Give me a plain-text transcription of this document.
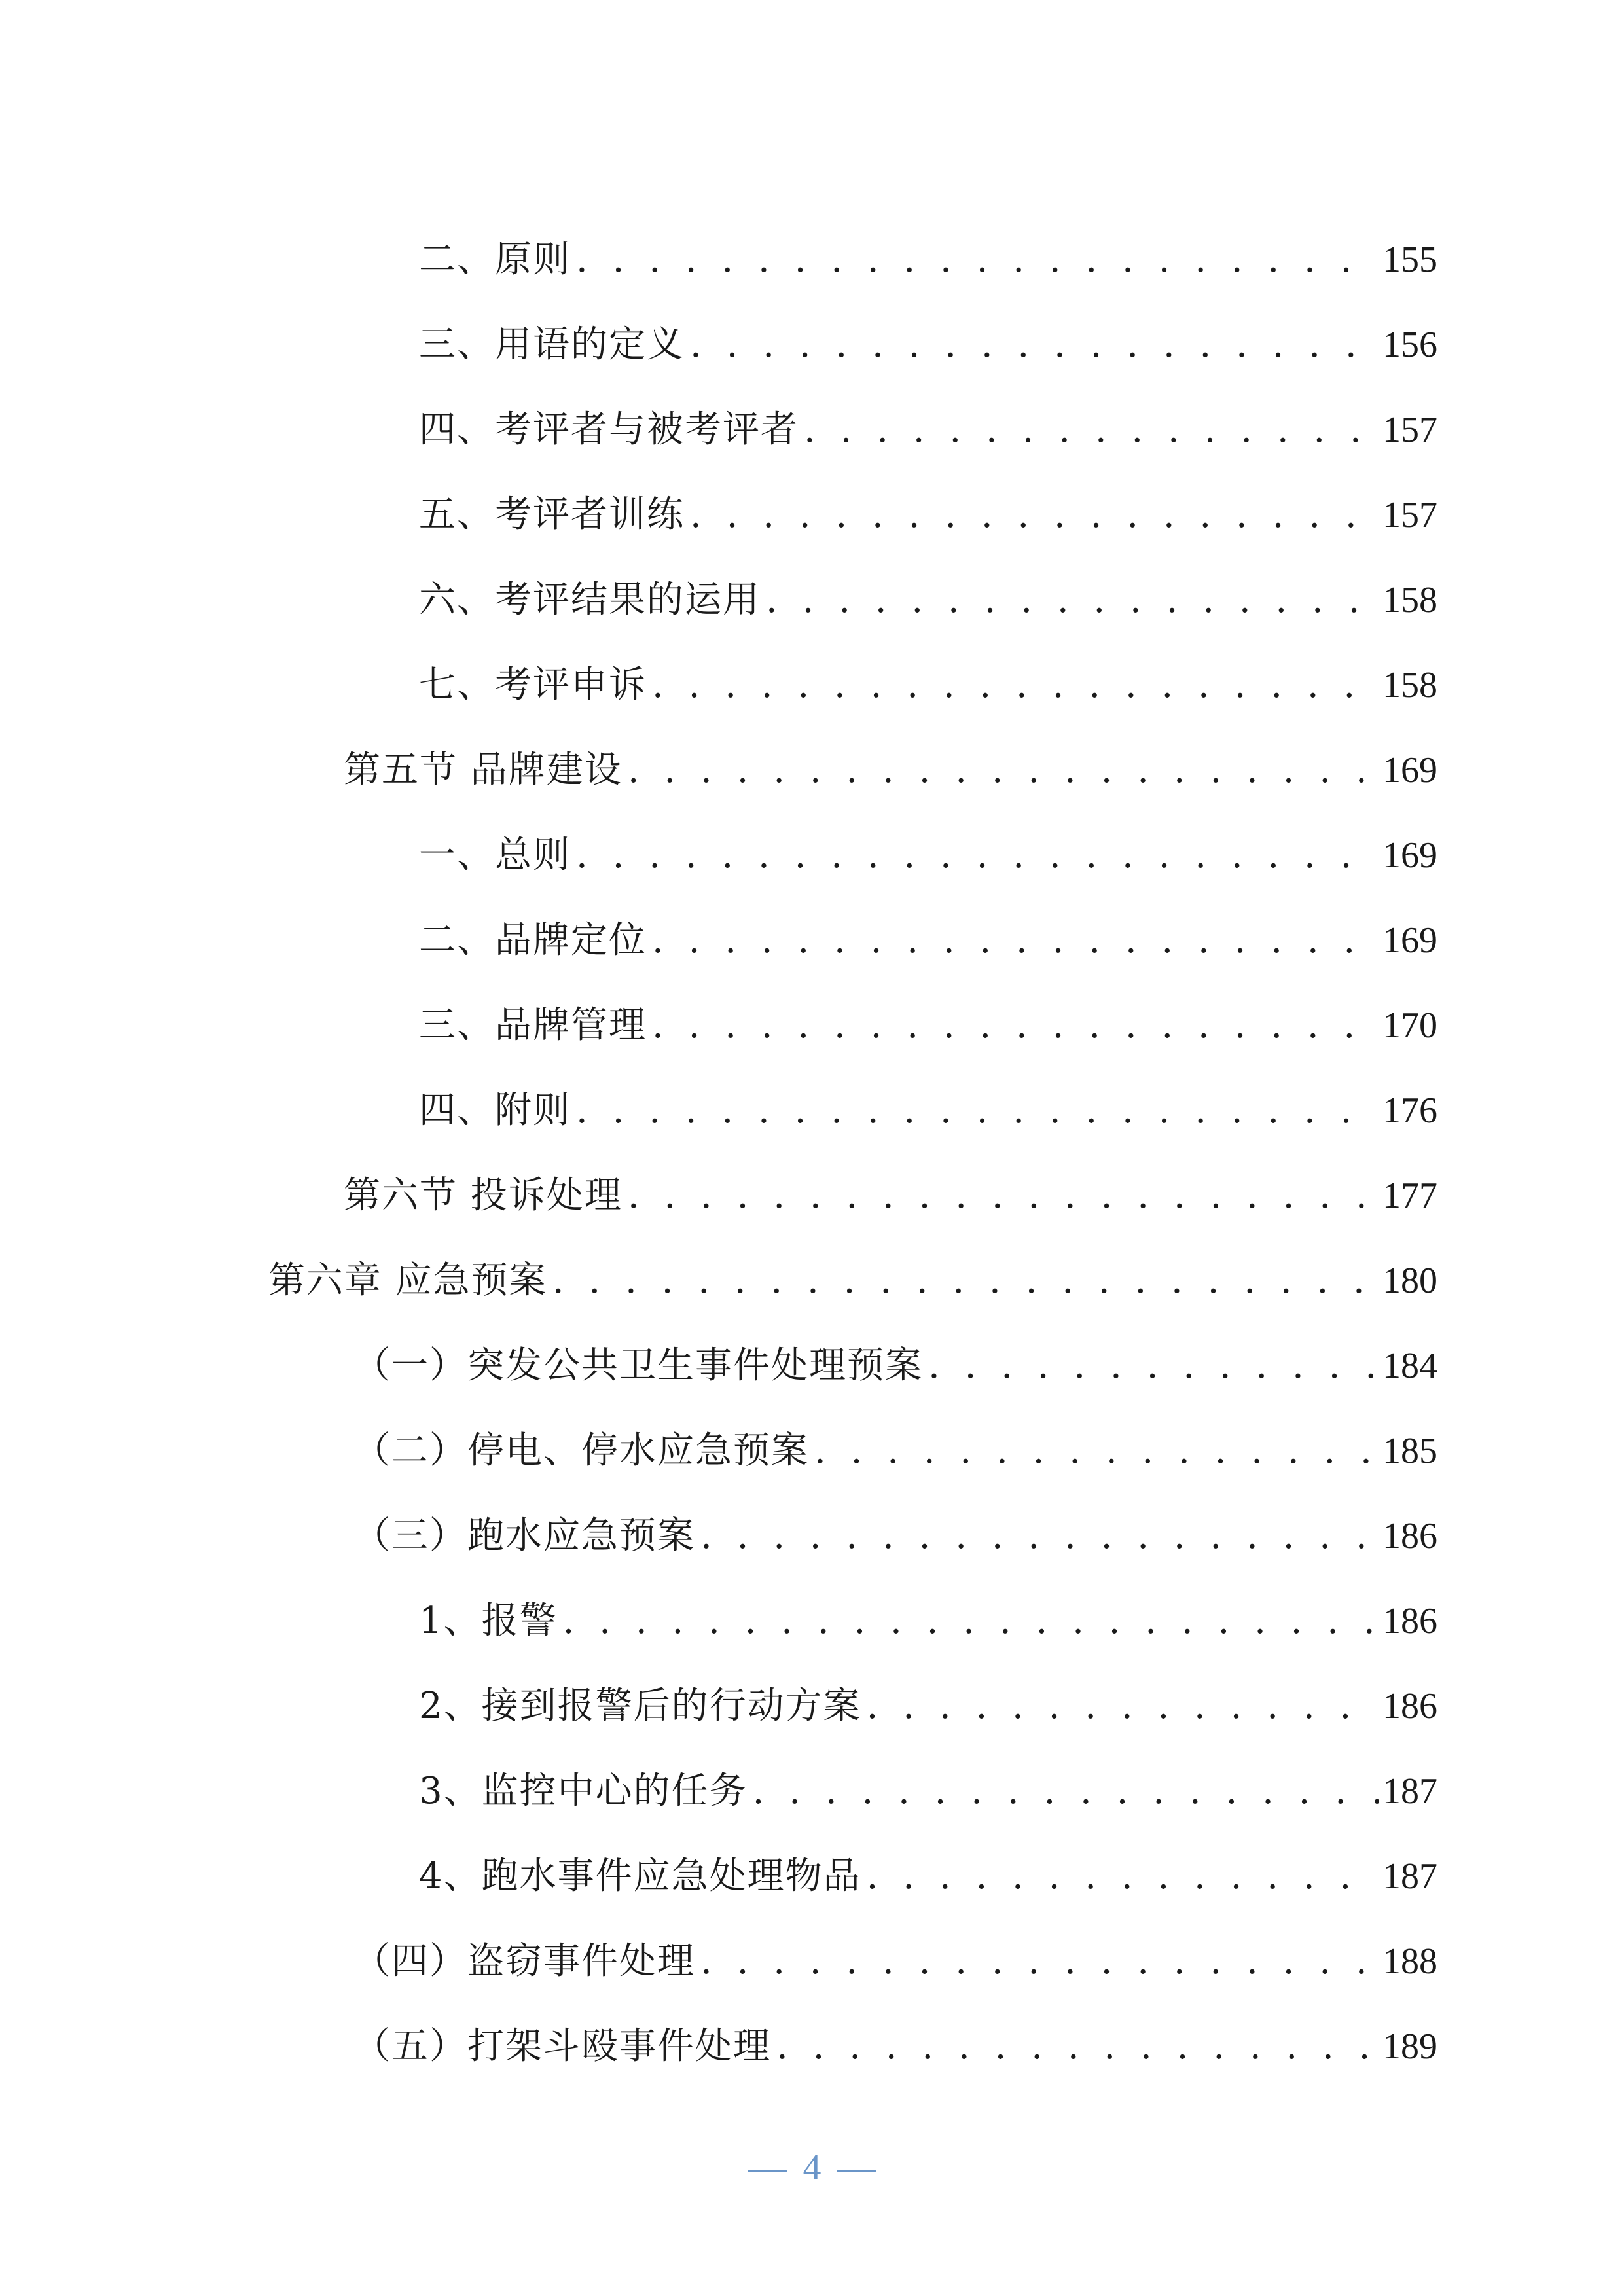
二、原则 . . .	155
三、用语的定义 . . .	156
四、考评者与被考评者 . . .	157
五、考评者训练 . . .	157
六、考评结果的运用 . . .	158
七、考评申诉 . . .	158
第五节 品牌建设 . . .	169
一、总则 . . .	169
二、品牌定位 . . .	169
三、品牌管理 . . .	170
四、附则 . . .	176
第六节 投诉处理 . . .	177
第六章 应急预案 . . .	180
（一）突发公共卫生事件处理预案 . . .	184
（二）停电、停水应急预案 . . .	185
（三）跑水应急预案 . . .	186
1、报警 . . .	186
2、接到报警后的行动方案 . . .	186
3、监控中心的任务 . . .	187
4、跑水事件应急处理物品 . . .	187
（四）盗窃事件处理 . . .	188
（五）打架斗殴事件处理 . . .	189
4
